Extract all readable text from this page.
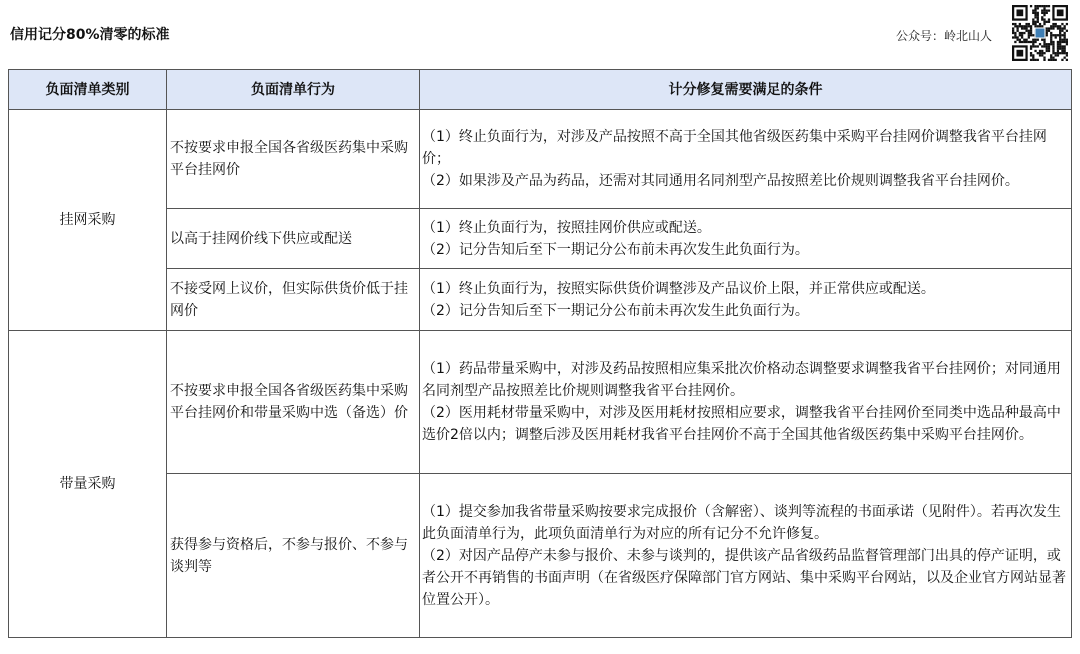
信用记分80%清零的标准	公众号：岭北山人
负面清单类别	负面清单行为	计分修复需要满足的条件
挂网采购	不按要求申报全国各省级医药集中采购平台挂网价	（1）终止负面行为，对涉及产品按照不高于全国其他省级医药集中采购平台挂网价调整我省平台挂网价；
（2）如果涉及产品为药品，还需对其同通用名同剂型产品按照差比价规则调整我省平台挂网价。

	以高于挂网价线下供应或配送	（1）终止负面行为，按照挂网价供应或配送。
（2）记分告知后至下一期记分公布前未再次发生此负面行为。

	不接受网上议价，但实际供货价低于挂网价	（1）终止负面行为，按照实际供货价调整涉及产品议价上限，并正常供应或配送。
（2）记分告知后至下一期记分公布前未再次发生此负面行为。

带量采购	不按要求申报全国各省级医药集中采购平台挂网价和带量采购中选（备选）价	（1）药品带量采购中，对涉及药品按照相应集采批次价格动态调整要求调整我省平台挂网价；对同通用名同剂型产品按照差比价规则调整我省平台挂网价。
（2）医用耗材带量采购中，对涉及医用耗材按照相应要求，调整我省平台挂网价至同类中选品种最高中选价2倍以内；调整后涉及医用耗材我省平台挂网价不高于全国其他省级医药集中采购平台挂网价。

	获得参与资格后，不参与报价、不参与谈判等	（1）提交参加我省带量采购按要求完成报价（含解密）、谈判等流程的书面承诺（见附件）。若再次发生此负面清单行为，此项负面清单行为对应的所有记分不允许修复。
（2）对因产品停产未参与报价、未参与谈判的，提供该产品省级药品监督管理部门出具的停产证明，或者公开不再销售的书面声明（在省级医疗保障部门官方网站、集中采购平台网站，以及企业官方网站显著位置公开）。
